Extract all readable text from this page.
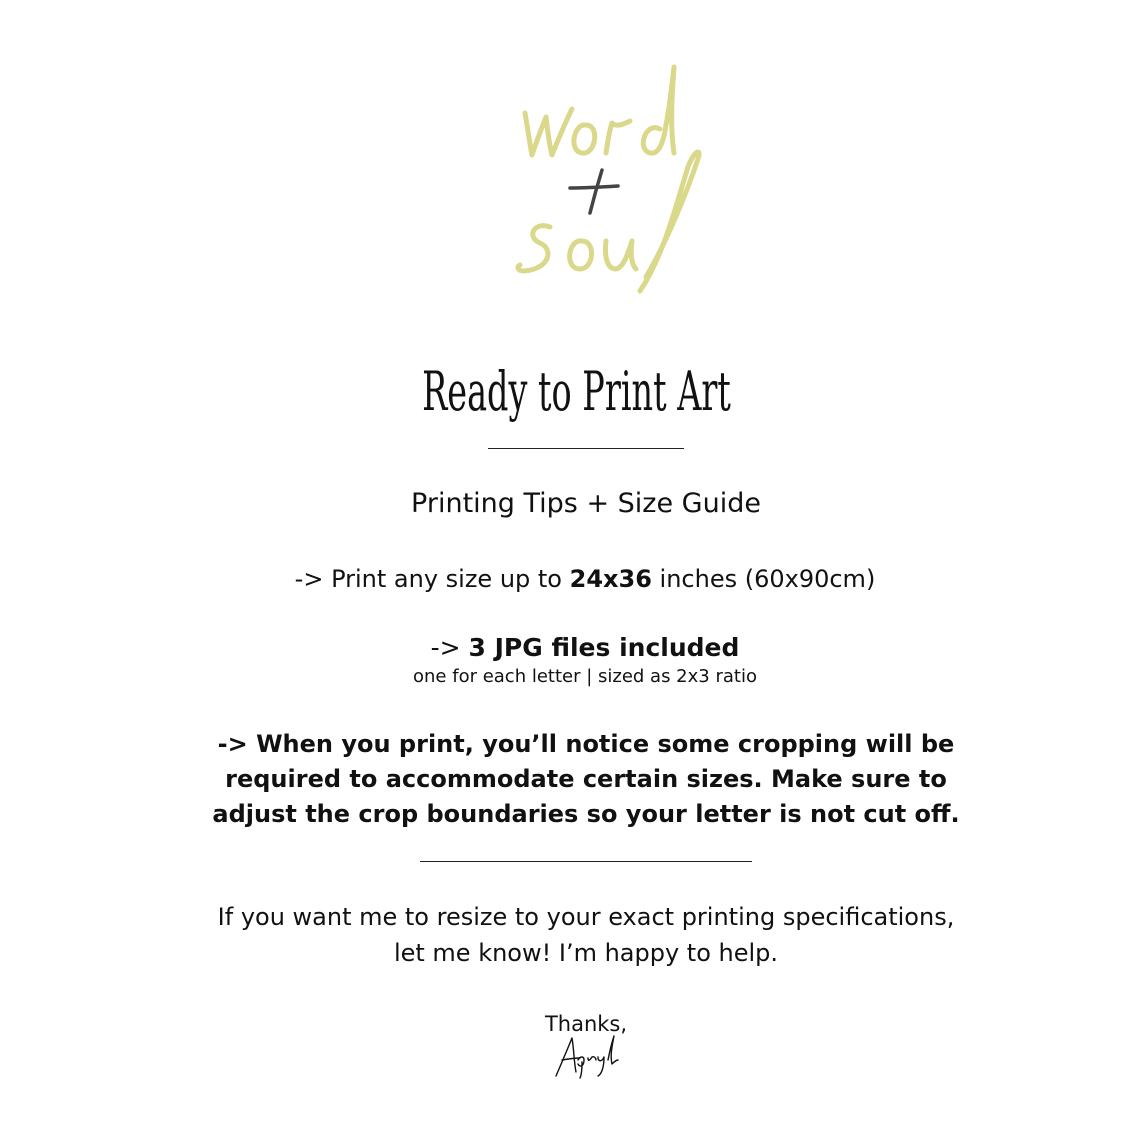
Ready to Print Art
Printing Tips + Size Guide
-> Print any size up to 24x36 inches (60x90cm)
-> 3 JPG files included
one for each letter | sized as 2x3 ratio
-> When you print, you’ll notice some cropping will be
required to accommodate certain sizes. Make sure to
adjust the crop boundaries so your letter is not cut off.
If you want me to resize to your exact printing specifications,
let me know! I’m happy to help.
Thanks,
